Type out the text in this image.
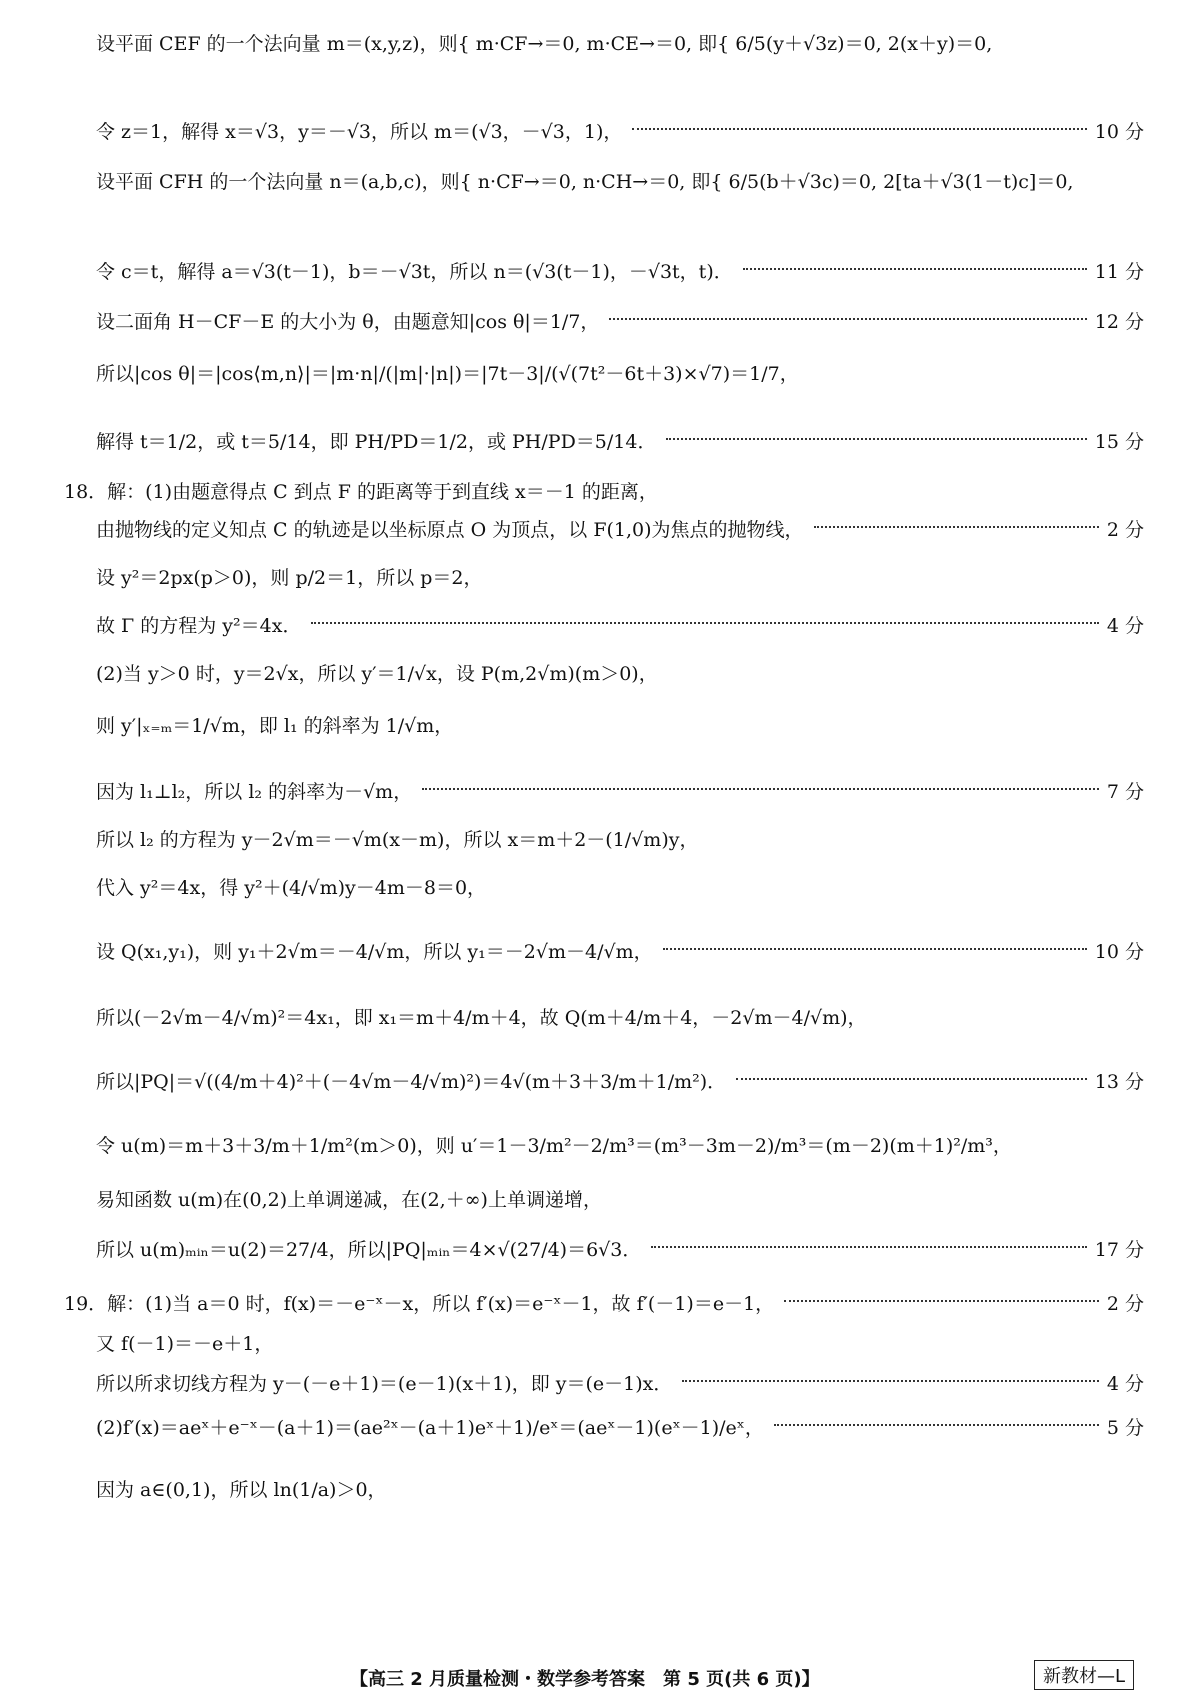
设平面 CEF 的一个法向量 m＝(x,y,z)，则{ m·CF→＝0, m·CE→＝0, 即{ 6/5(y＋√3z)＝0, 2(x＋y)＝0,
令 z＝1，解得 x＝√3，y＝－√3，所以 m＝(√3，－√3，1)，	10 分
设平面 CFH 的一个法向量 n＝(a,b,c)，则{ n·CF→＝0, n·CH→＝0, 即{ 6/5(b＋√3c)＝0, 2[ta＋√3(1－t)c]＝0,
令 c＝t，解得 a＝√3(t－1)，b＝－√3t，所以 n＝(√3(t－1)，－√3t，t)．	11 分
设二面角 H－CF－E 的大小为 θ，由题意知|cos θ|＝1/7，	12 分
所以|cos θ|＝|cos⟨m,n⟩|＝|m·n|/(|m|·|n|)＝|7t－3|/(√(7t²－6t＋3)×√7)＝1/7，
解得 t＝1/2，或 t＝5/14，即 PH/PD＝1/2，或 PH/PD＝5/14．	15 分
18．解：(1)由题意得点 C 到点 F 的距离等于到直线 x＝－1 的距离，
由抛物线的定义知点 C 的轨迹是以坐标原点 O 为顶点，以 F(1,0)为焦点的抛物线，	2 分
设 y²＝2px(p＞0)，则 p/2＝1，所以 p＝2，
故 Γ 的方程为 y²＝4x．	4 分
(2)当 y＞0 时，y＝2√x，所以 y′＝1/√x，设 P(m,2√m)(m＞0)，
则 y′|ₓ₌ₘ＝1/√m，即 l₁ 的斜率为 1/√m，
因为 l₁⊥l₂，所以 l₂ 的斜率为－√m，	7 分
所以 l₂ 的方程为 y－2√m＝－√m(x－m)，所以 x＝m＋2－(1/√m)y，
代入 y²＝4x，得 y²＋(4/√m)y－4m－8＝0，
设 Q(x₁,y₁)，则 y₁＋2√m＝－4/√m，所以 y₁＝－2√m－4/√m，	10 分
所以(－2√m－4/√m)²＝4x₁，即 x₁＝m＋4/m＋4，故 Q(m＋4/m＋4，－2√m－4/√m)，
所以|PQ|＝√((4/m＋4)²＋(－4√m－4/√m)²)＝4√(m＋3＋3/m＋1/m²)．	13 分
令 u(m)＝m＋3＋3/m＋1/m²(m＞0)，则 u′＝1－3/m²－2/m³＝(m³－3m－2)/m³＝(m－2)(m＋1)²/m³，
易知函数 u(m)在(0,2)上单调递减，在(2,＋∞)上单调递增，
所以 u(m)ₘᵢₙ＝u(2)＝27/4，所以|PQ|ₘᵢₙ＝4×√(27/4)＝6√3．	17 分
19．解：(1)当 a＝0 时，f(x)＝－e⁻ˣ－x，所以 f′(x)＝e⁻ˣ－1，故 f′(－1)＝e－1，	2 分
又 f(－1)＝－e＋1，
所以所求切线方程为 y－(－e＋1)＝(e－1)(x＋1)，即 y＝(e－1)x．	4 分
(2)f′(x)＝aeˣ＋e⁻ˣ－(a＋1)＝(ae²ˣ－(a＋1)eˣ＋1)/eˣ＝(aeˣ－1)(eˣ－1)/eˣ，	5 分
因为 a∈(0,1)，所以 ln(1/a)＞0，
【高三 2 月质量检测・数学参考答案　第 5 页(共 6 页)】	新教材—L
